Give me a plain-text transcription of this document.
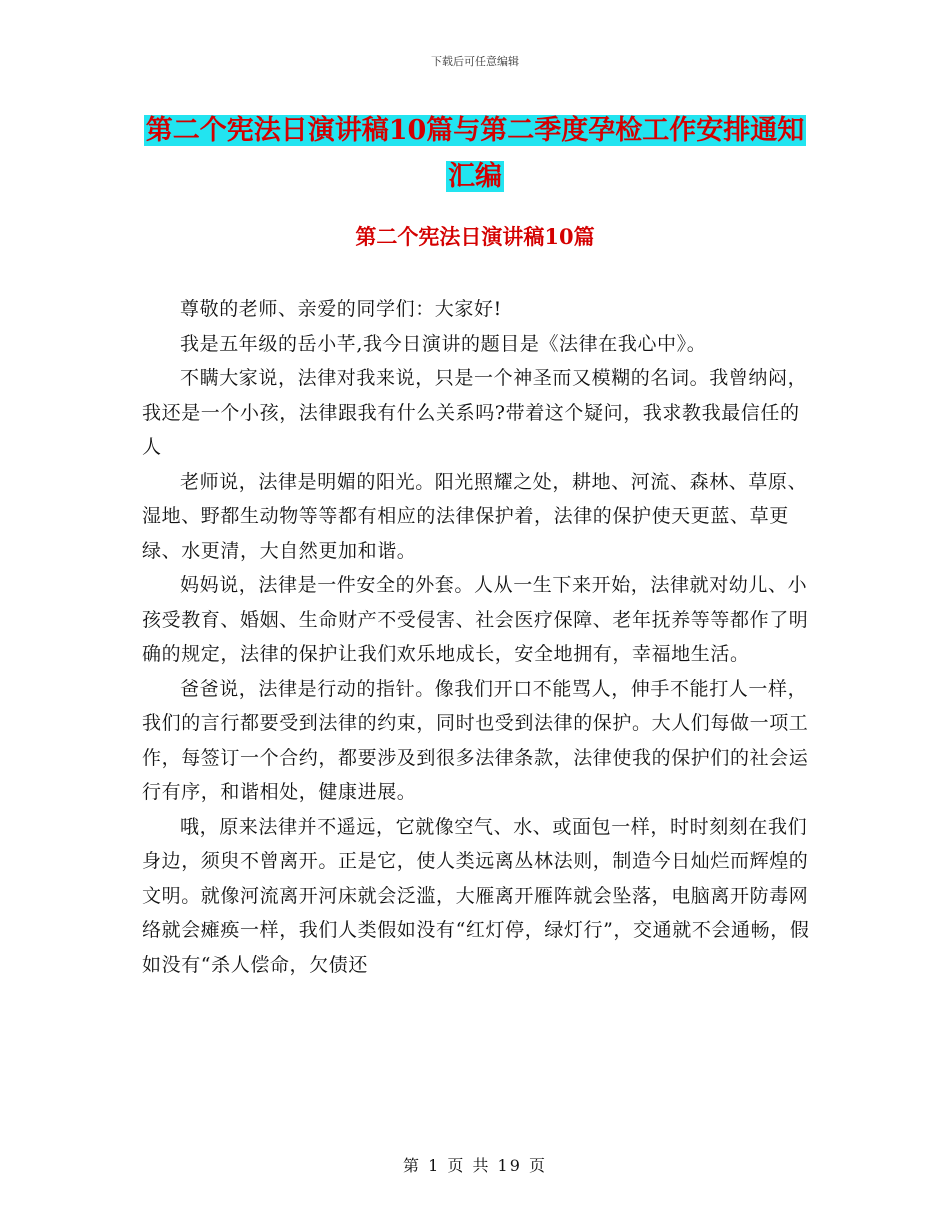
下载后可任意编辑
第二个宪法日演讲稿10篇与第二季度孕检工作安排通知汇编
第二个宪法日演讲稿10篇

尊敬的老师、亲爱的同学们：大家好!

我是五年级的岳小芊,我今日演讲的题目是《法律在我心中》。

不瞒大家说，法律对我来说，只是一个神圣而又模糊的名词。我曾纳闷，我还是一个小孩，法律跟我有什么关系吗?带着这个疑问，我求教我最信任的人

老师说，法律是明媚的阳光。阳光照耀之处，耕地、河流、森林、草原、湿地、野都生动物等等都有相应的法律保护着，法律的保护使天更蓝、草更绿、水更清，大自然更加和谐。

妈妈说，法律是一件安全的外套。人从一生下来开始，法律就对幼儿、小孩受教育、婚姻、生命财产不受侵害、社会医疗保障、老年抚养等等都作了明确的规定，法律的保护让我们欢乐地成长，安全地拥有，幸福地生活。

爸爸说，法律是行动的指针。像我们开口不能骂人，伸手不能打人一样，我们的言行都要受到法律的约束，同时也受到法律的保护。大人们每做一项工作，每签订一个合约，都要涉及到很多法律条款，法律使我的保护们的社会运行有序，和谐相处，健康进展。

哦，原来法律并不遥远，它就像空气、水、或面包一样，时时刻刻在我们身边，须臾不曾离开。正是它，使人类远离丛林法则，制造今日灿烂而辉煌的文明。就像河流离开河床就会泛滥，大雁离开雁阵就会坠落，电脑离开防毒网络就会瘫痪一样，我们人类假如没有“红灯停，绿灯行”，交通就不会通畅，假如没有“杀人偿命，欠债还

第 1 页 共 19 页
